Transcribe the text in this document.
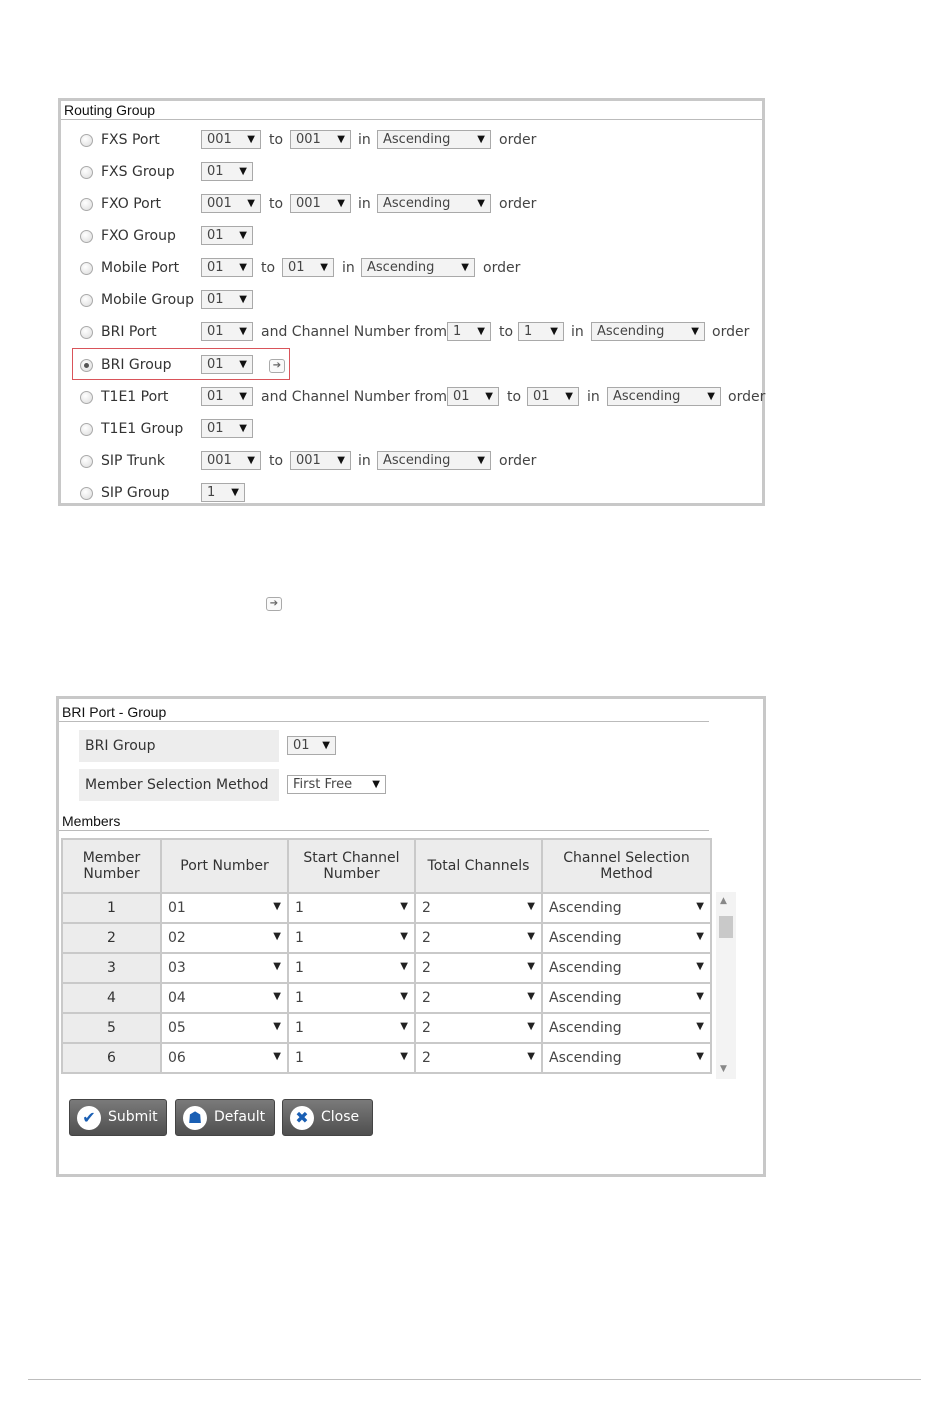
Routing Group
FXS Port	001 ▼ to 001 ▼ in Ascending	▼ order
FXS Group	01 ▼
FXO Port	001 ▼ to 001 ▼ in Ascending	▼ order
FXO Group	01 ▼
Mobile Port	01 ▼ to 01 ▼ in Ascending	▼ order
Mobile Group	01 ▼
BRI Port	01 ▼ and Channel Number from 1 ▼ to 1 ▼ in	Ascending	▼ order
BRI Group	01 ▼	➔
T1E1 Port	01 ▼ and Channel Number from 01 ▼ to 01 ▼ in	Ascending	▼ order
T1E1 Group	01 ▼
SIP Trunk	001 ▼ to 001 ▼ in Ascending	▼ order
SIP Group	1 ▼
➔
BRI Port - Group
BRI Group	01 ▼
Member Selection Method	First Free ▼
Members
Member Number	Port Number	Start Channel Number	Total Channels	Channel Selection Method
1	01 ▼	1 ▼	2 ▼	Ascending ▼

2	02 ▼	1 ▼	2 ▼	Ascending ▼

3	03 ▼	1 ▼	2 ▼	Ascending ▼

4	04 ▼	1 ▼	2 ▼	Ascending ▼

5	05 ▼	1 ▼	2 ▼	Ascending ▼

6	06 ▼	1 ▼	2 ▼	Ascending ▼
▲
▼
✔ Submit	☗ Default	✖ Close
